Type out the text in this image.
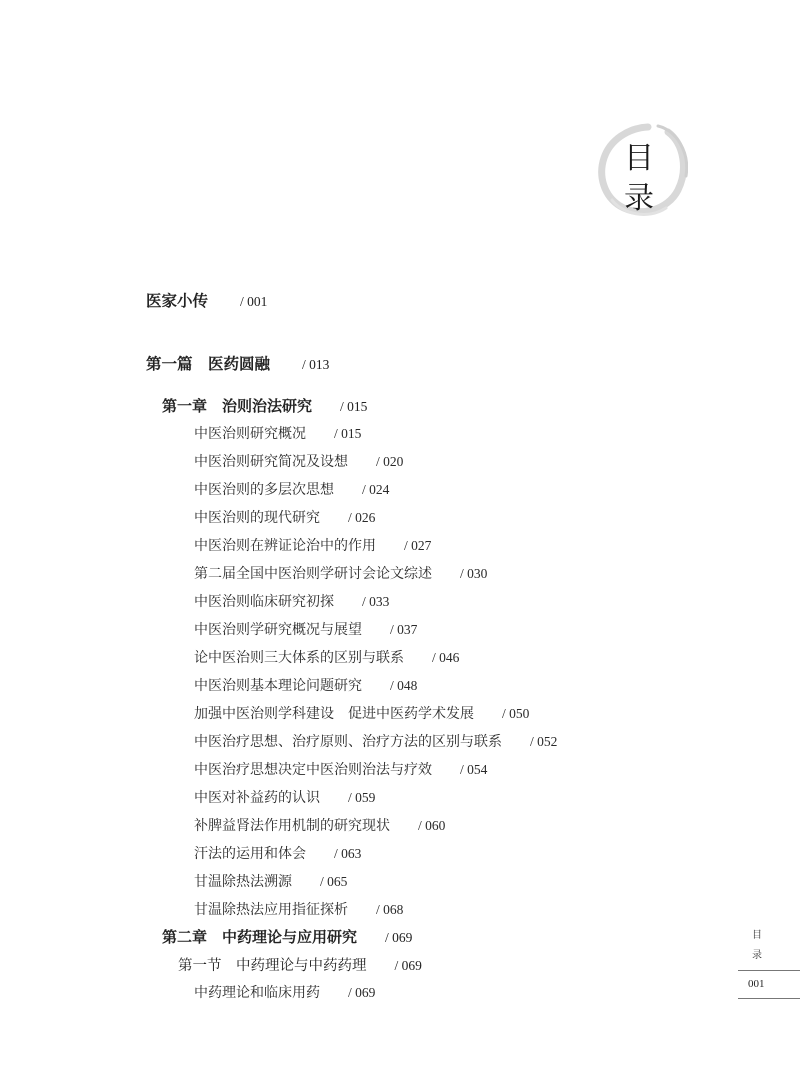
目
录
医家小传 / 001
第一篇　医药圆融 / 013
第一章　治则治法研究 / 015
中医治则研究概况 / 015
中医治则研究简况及设想 / 020
中医治则的多层次思想 / 024
中医治则的现代研究 / 026
中医治则在辨证论治中的作用 / 027
第二届全国中医治则学研讨会论文综述 / 030
中医治则临床研究初探 / 033
中医治则学研究概况与展望 / 037
论中医治则三大体系的区别与联系 / 046
中医治则基本理论问题研究 / 048
加强中医治则学科建设　促进中医药学术发展 / 050
中医治疗思想、治疗原则、治疗方法的区别与联系 / 052
中医治疗思想决定中医治则治法与疗效 / 054
中医对补益药的认识 / 059
补脾益肾法作用机制的研究现状 / 060
汗法的运用和体会 / 063
甘温除热法溯源 / 065
甘温除热法应用指征探析 / 068
第二章　中药理论与应用研究 / 069
第一节　中药理论与中药药理 / 069
中药理论和临床用药 / 069
目
录
001
